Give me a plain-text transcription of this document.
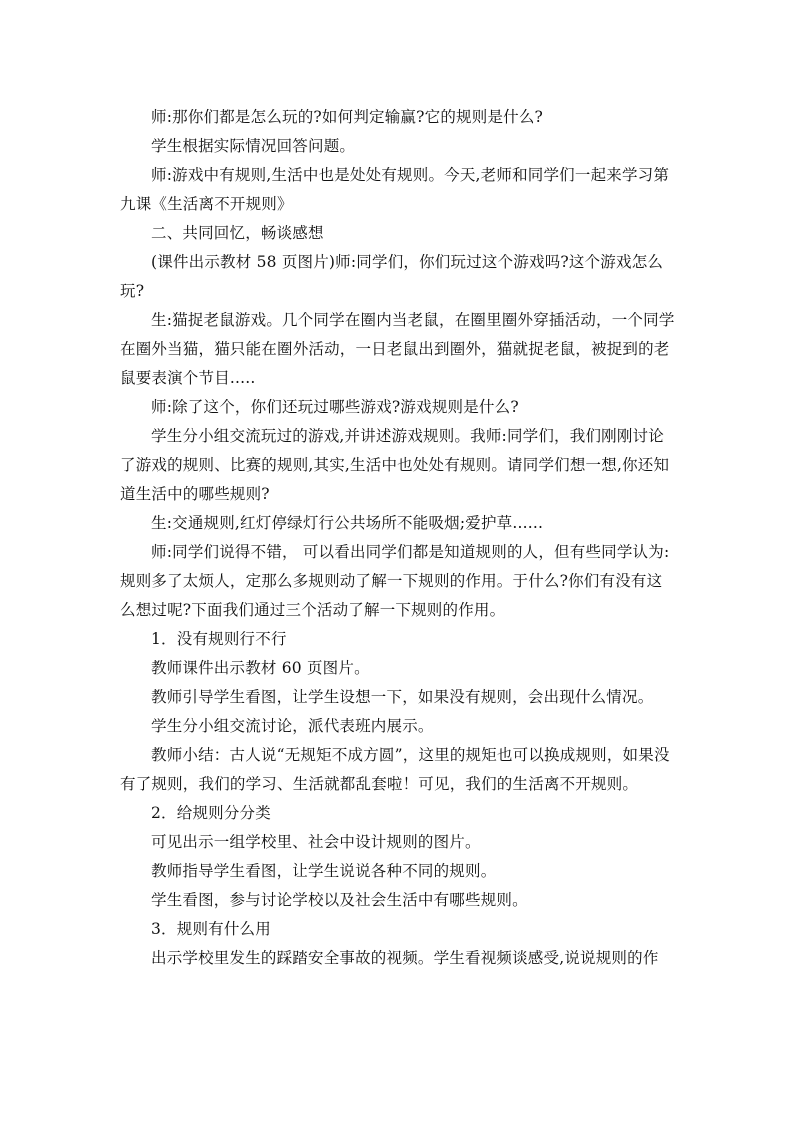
师:那你们都是怎么玩的?如何判定输赢?它的规则是什么?

学生根据实际情况回答问题。

师:游戏中有规则,生活中也是处处有规则。今天,老师和同学们一起来学习第九课《生活离不开规则》

二、共同回忆，畅谈感想

(课件出示教材 58 页图片)师:同学们，你们玩过这个游戏吗?这个游戏怎么玩?

生:猫捉老鼠游戏。几个同学在圈内当老鼠，在圈里圈外穿插活动，一个同学在圈外当猫，猫只能在圈外活动，一日老鼠出到圈外，猫就捉老鼠，被捉到的老鼠要表演个节目.....

师:除了这个，你们还玩过哪些游戏?游戏规则是什么?

学生分小组交流玩过的游戏,并讲述游戏规则。我师:同学们，我们刚刚讨论了游戏的规则、比赛的规则,其实,生活中也处处有规则。请同学们想一想,你还知道生活中的哪些规则?

生:交通规则,红灯停绿灯行公共场所不能吸烟;爱护草......

师:同学们说得不错， 可以看出同学们都是知道规则的人，但有些同学认为:规则多了太烦人，定那么多规则动了解一下规则的作用。于什么?你们有没有这么想过呢?下面我们通过三个活动了解一下规则的作用。

1．没有规则行不行

教师课件出示教材 60 页图片。

教师引导学生看图，让学生设想一下，如果没有规则，会出现什么情况。

学生分小组交流讨论，派代表班内展示。

教师小结：古人说“无规矩不成方圆”，这里的规矩也可以换成规则，如果没有了规则，我们的学习、生活就都乱套啦！可见，我们的生活离不开规则。

2．给规则分分类

可见出示一组学校里、社会中设计规则的图片。

教师指导学生看图，让学生说说各种不同的规则。

学生看图，参与讨论学校以及社会生活中有哪些规则。

3．规则有什么用

出示学校里发生的踩踏安全事故的视频。学生看视频谈感受,说说规则的作
